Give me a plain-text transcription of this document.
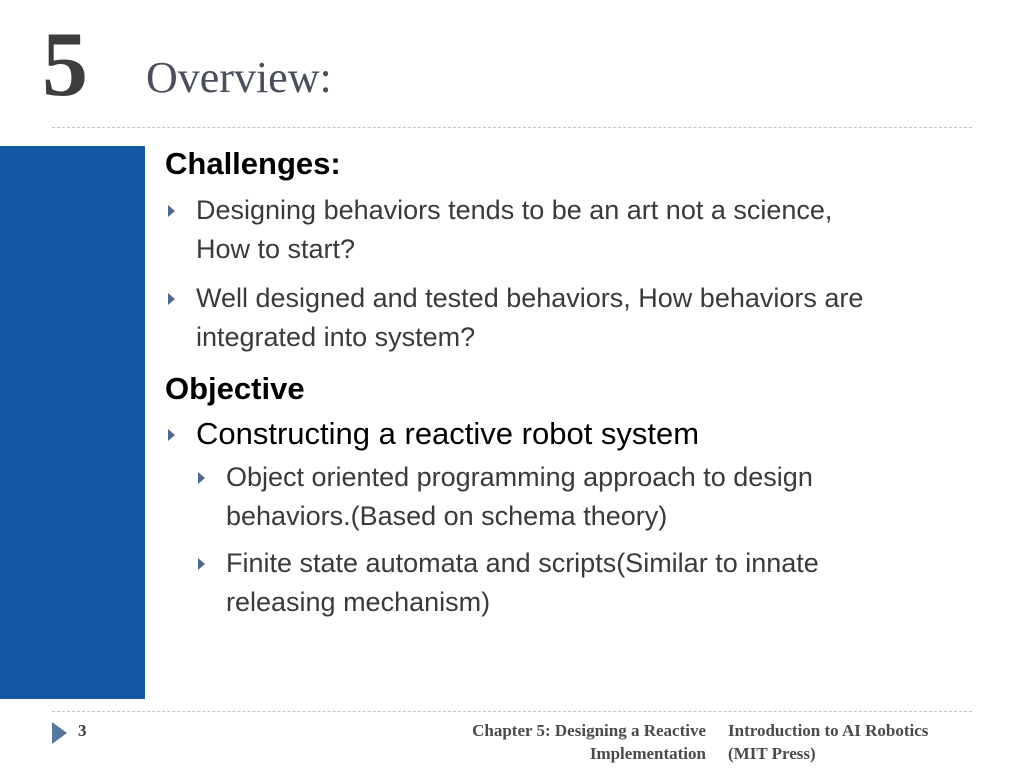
5 Overview:
Challenges:
Designing behaviors tends to be an art not a science,
How to start?
Well designed and tested behaviors, How behaviors are
integrated into system?
Objective
Constructing a reactive robot system
Object oriented programming approach to design
behaviors.(Based on schema theory)
Finite state automata and scripts(Similar to innate
releasing mechanism)
3	Chapter 5: Designing a Reactive
Implementation
Introduction to AI Robotics
(MIT Press)
